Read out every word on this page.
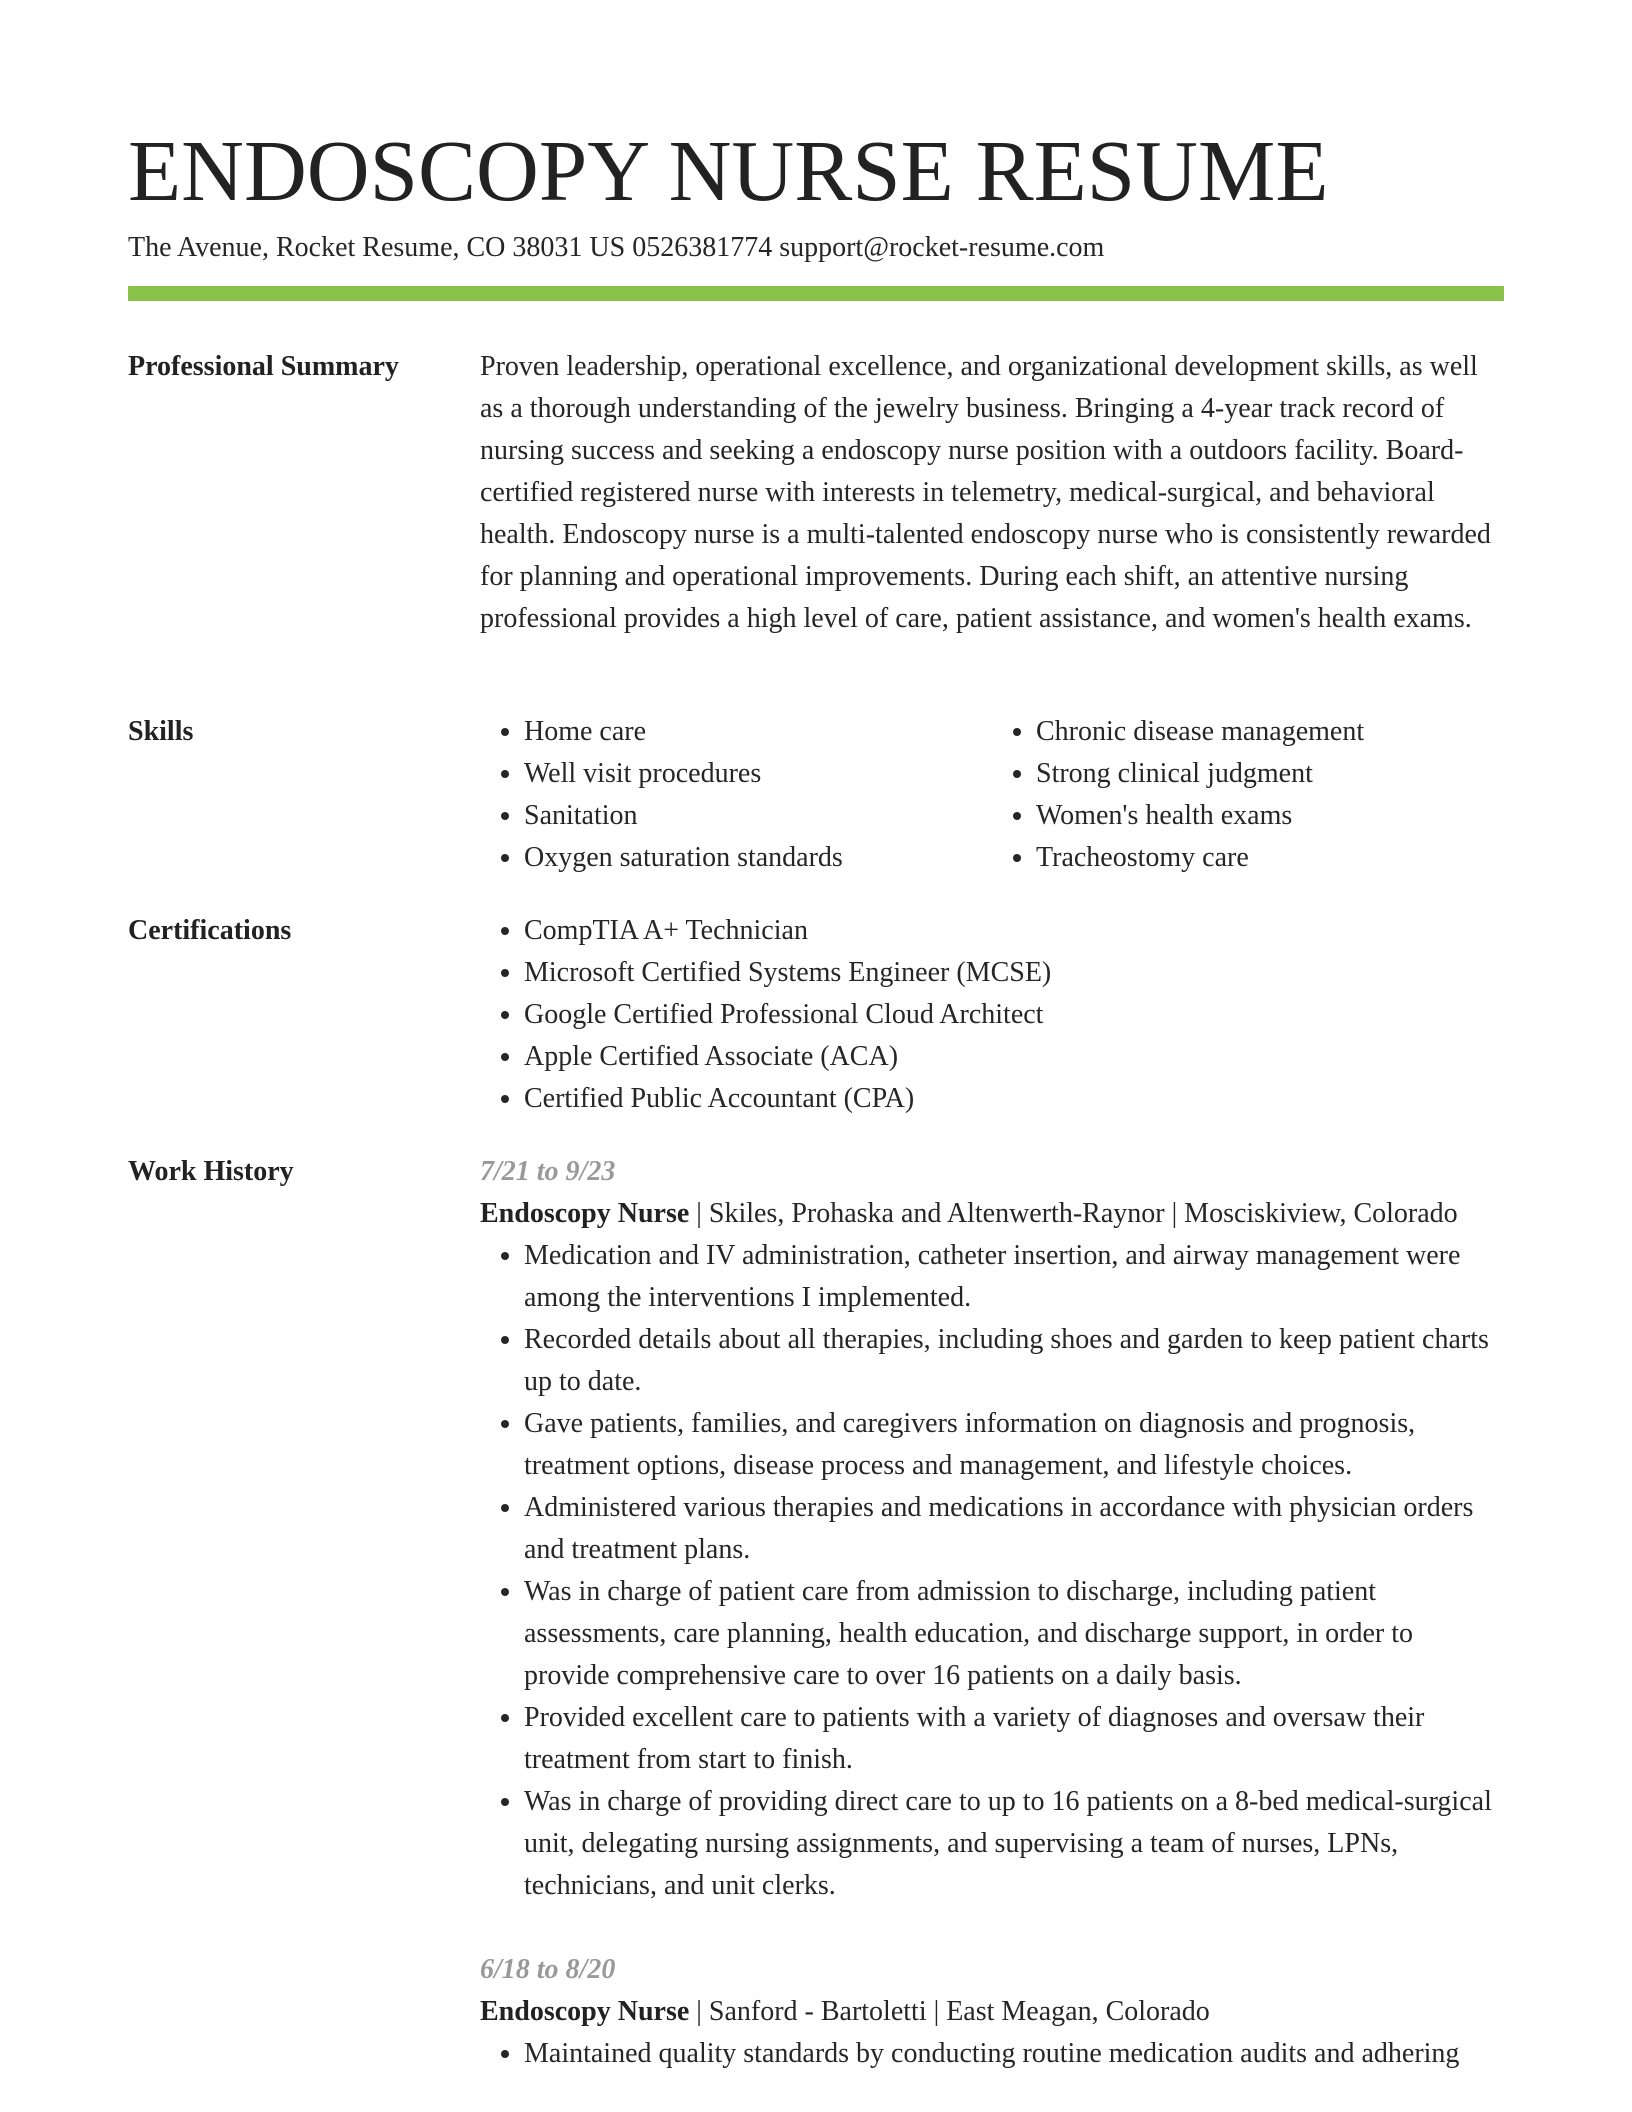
ENDOSCOPY NURSE RESUME
The Avenue, Rocket Resume, CO 38031 US 0526381774 support@rocket-resume.com
Professional Summary	Proven leadership, operational excellence, and organizational development skills, as well as a thorough understanding of the jewelry business. Bringing a 4-year track record of nursing success and seeking a endoscopy nurse position with a outdoors facility. Board-certified registered nurse with interests in telemetry, medical-surgical, and behavioral health. Endoscopy nurse is a multi-talented endoscopy nurse who is consistently rewarded for planning and operational improvements. During each shift, an attentive nursing professional provides a high level of care, patient assistance, and women's health exams.

Skills	• Home care
• Well visit procedures
• Sanitation
• Oxygen saturation standards
• Chronic disease management
• Strong clinical judgment
• Women's health exams
• Tracheostomy care
Certifications	• CompTIA A+ Technician
• Microsoft Certified Systems Engineer (MCSE)
• Google Certified Professional Cloud Architect
• Apple Certified Associate (ACA)
• Certified Public Accountant (CPA)
Work History	7/21 to 9/23
Endoscopy Nurse | Skiles, Prohaska and Altenwerth-Raynor | Mosciskiview, Colorado
• Medication and IV administration, catheter insertion, and airway management were among the interventions I implemented.
• Recorded details about all therapies, including shoes and garden to keep patient charts up to date.
• Gave patients, families, and caregivers information on diagnosis and prognosis, treatment options, disease process and management, and lifestyle choices.
• Administered various therapies and medications in accordance with physician orders and treatment plans.
• Was in charge of patient care from admission to discharge, including patient assessments, care planning, health education, and discharge support, in order to provide comprehensive care to over 16 patients on a daily basis.
• Provided excellent care to patients with a variety of diagnoses and oversaw their treatment from start to finish.
• Was in charge of providing direct care to up to 16 patients on a 8-bed medical-surgical unit, delegating nursing assignments, and supervising a team of nurses, LPNs, technicians, and unit clerks.
6/18 to 8/20
Endoscopy Nurse | Sanford - Bartoletti | East Meagan, Colorado
• Maintained quality standards by conducting routine medication audits and adhering
